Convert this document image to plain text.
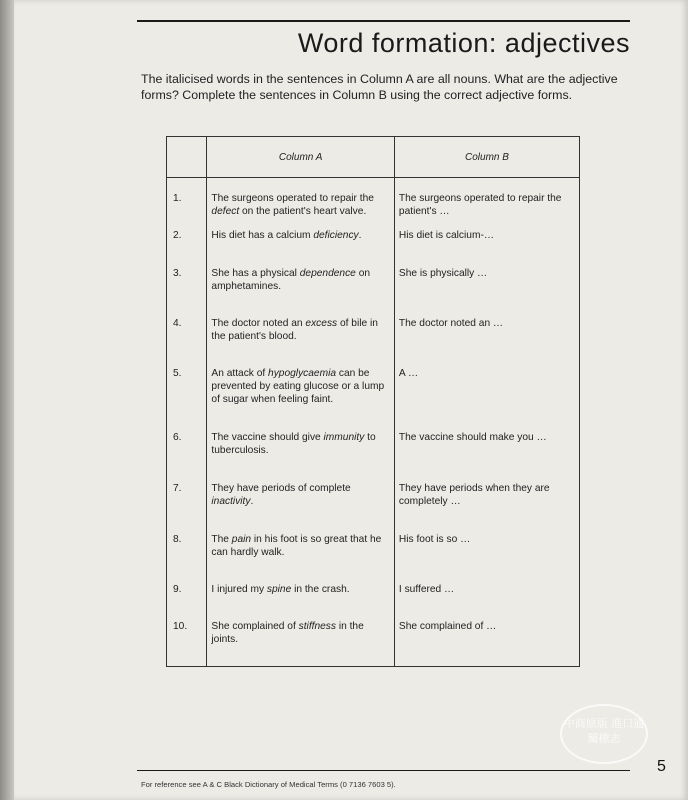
Word formation: adjectives
The italicised words in the sentences in Column A are all nouns. What are the adjective forms? Complete the sentences in Column B using the correct adjective forms.
	Column A	Column B
1.	The surgeons operated to repair the defect on the patient's heart valve.	The surgeons operated to repair the patient's …
2.	His diet has a calcium deficiency.	His diet is calcium-…
3.	She has a physical dependence on amphetamines.	She is physically …
4.	The doctor noted an excess of bile in the patient's blood.	The doctor noted an …
5.	An attack of hypoglycaemia can be prevented by eating glucose or a lump of sugar when feeling faint.	A …
6.	The vaccine should give immunity to tuberculosis.	The vaccine should make you …
7.	They have periods of complete inactivity.	They have periods when they are completely …
8.	The pain in his foot is so great that he can hardly walk.	His foot is so …
9.	I injured my spine in the crash.	I suffered …
10.	She complained of stiffness in the joints.	She complained of …
For reference see A & C Black Dictionary of Medical Terms (0 7136 7603 5).
5
中商原版 進口通關標志
